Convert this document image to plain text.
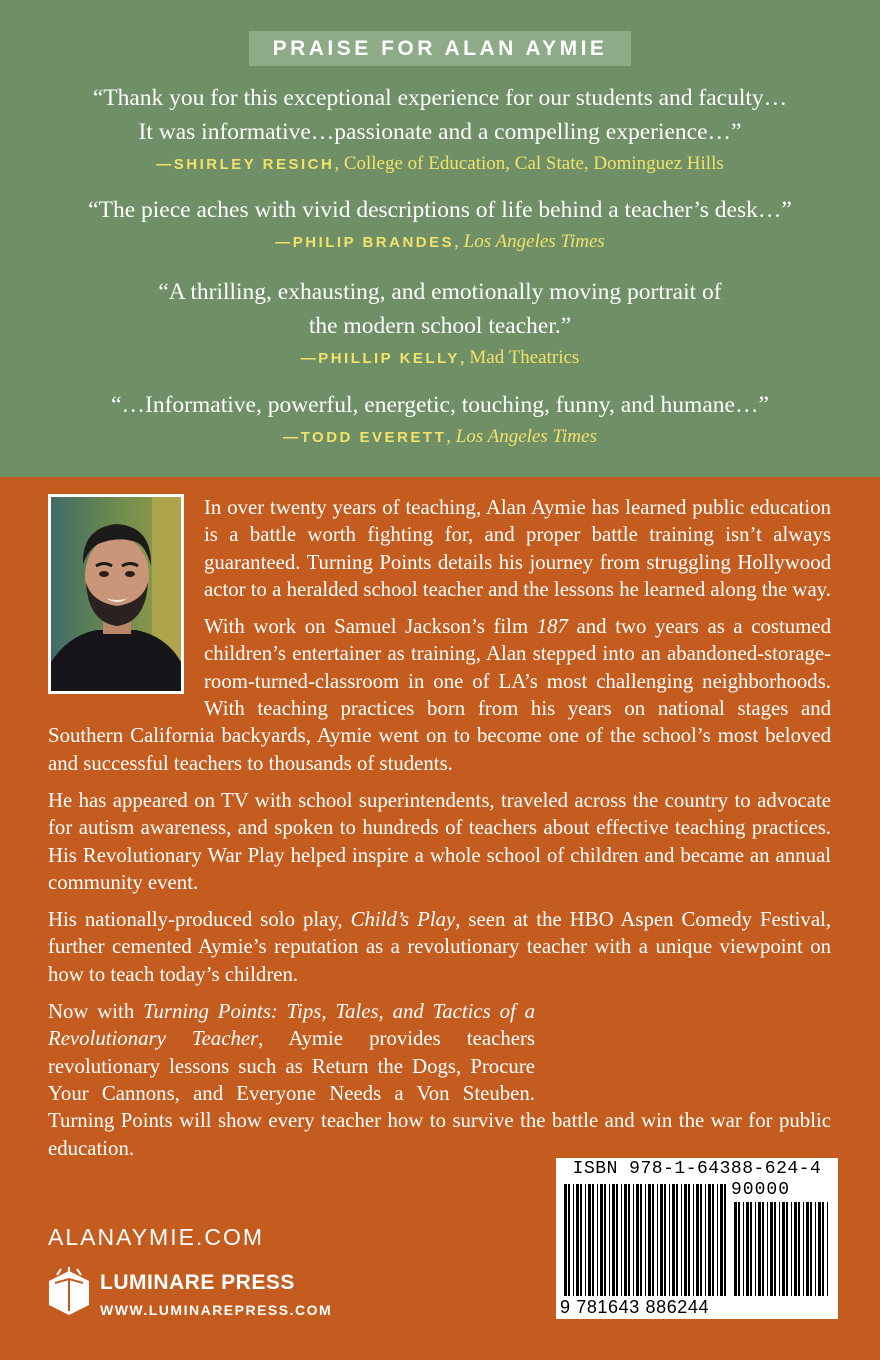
PRAISE FOR ALAN AYMIE
“Thank you for this exceptional experience for our students and faculty…
It was informative…passionate and a compelling experience…”
—SHIRLEY RESICH, College of Education, Cal State, Dominguez Hills
“The piece aches with vivid descriptions of life behind a teacher’s desk…”
—PHILIP BRANDES, Los Angeles Times
“A thrilling, exhausting, and emotionally moving portrait of
the modern school teacher.”
—PHILLIP KELLY, Mad Theatrics
“…Informative, powerful, energetic, touching, funny, and humane…”
—TODD EVERETT, Los Angeles Times

In over twenty years of teaching, Alan Aymie has learned public education is a battle worth fighting for, and proper battle training isn’t always guaranteed. Turning Points details his journey from struggling Hollywood actor to a heralded school teacher and the lessons he learned along the way.

With work on Samuel Jackson’s film 187 and two years as a costumed children’s entertainer as training, Alan stepped into an abandoned-storage-room-turned-classroom in one of LA’s most challenging neighborhoods. With teaching practices born from his years on national stages and Southern California backyards, Aymie went on to become one of the school’s most beloved and successful teachers to thousands of students.

He has appeared on TV with school superintendents, traveled across the country to advocate for autism awareness, and spoken to hundreds of teachers about effective teaching practices. His Revolutionary War Play helped inspire a whole school of children and became an annual community event.

His nationally-produced solo play, Child’s Play, seen at the HBO Aspen Comedy Festival, further cemented Aymie’s reputation as a revolutionary teacher with a unique viewpoint on how to teach today’s children.

Now with Turning Points: Tips, Tales, and Tactics of a Revolutionary Teacher, Aymie provides teachers revolutionary lessons such as Return the Dogs, Procure Your Cannons, and Everyone Needs a Von Steuben. Turning Points will show every teacher how to survive the battle and win the war for public education.

ALANAYMIE.COM
LUMINARE PRESS
WWW.LUMINAREPRESS.COM
ISBN 978-1-64388-624-4
90000
9 781643 886244
